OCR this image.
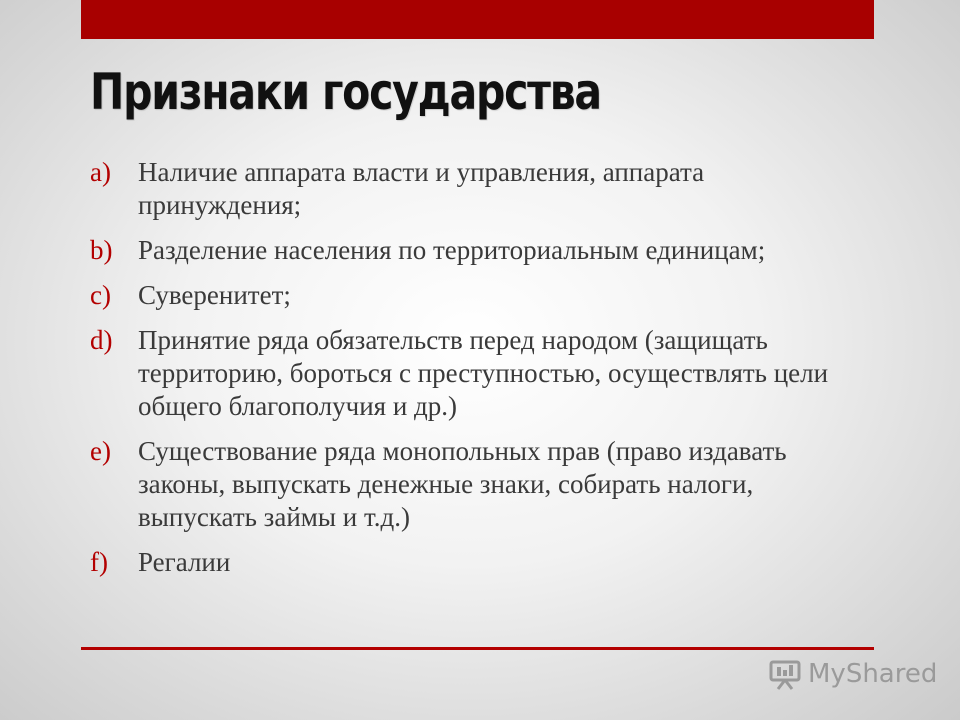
Признаки государства
a)	Наличие аппарата власти и управления, аппарата принуждения;
b) Разделение населения по территориальным единицам;
c)	Суверенитет;
d) Принятие ряда обязательств перед народом (защищать территорию, бороться с преступностью, осуществлять цели общего благополучия и др.)
e)	Существование ряда монопольных прав (право издавать законы, выпускать денежные знаки, собирать налоги, выпускать займы и т.д.)
f)	Регалии
MyShared
